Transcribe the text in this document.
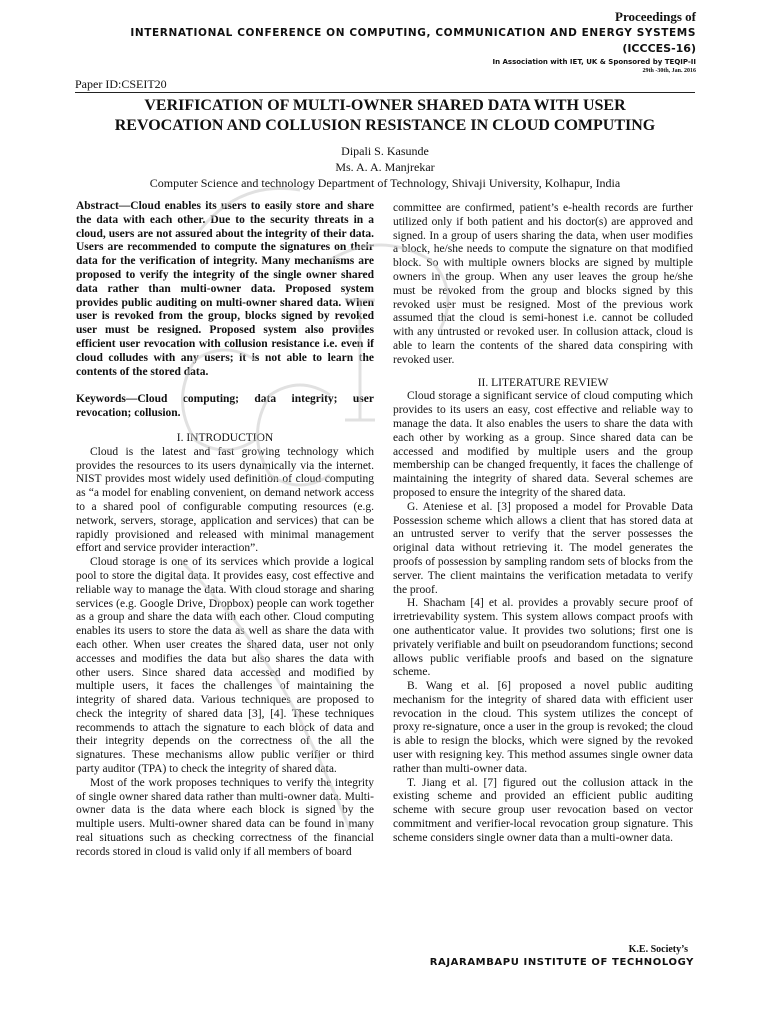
Proceedings of
INTERNATIONAL CONFERENCE ON COMPUTING, COMMUNICATION AND ENERGY SYSTEMS
(ICCCES-16)
In Association with IET, UK & Sponsored by TEQIP-II
29th -30th, Jan. 2016
Paper ID:CSEIT20
VERIFICATION OF MULTI-OWNER SHARED DATA WITH USER
REVOCATION AND COLLUSION RESISTANCE IN CLOUD COMPUTING
Dipali S. Kasunde
Ms. A. A. Manjrekar
Computer Science and technology Department of Technology, Shivaji University, Kolhapur, India

Abstract—Cloud enables its users to easily store and share the data with each other. Due to the security threats in a cloud, users are not assured about the integrity of their data. Users are recommended to compute the signatures on their data for the verification of integrity. Many mechanisms are proposed to verify the integrity of the single owner shared data rather than multi-owner data. Proposed system provides public auditing on multi-owner shared data. When user is revoked from the group, blocks signed by revoked user must be resigned. Proposed system also provides efficient user revocation with collusion resistance i.e. even if cloud colludes with any users; it is not able to learn the contents of the stored data.

Keywords—Cloud computing; data integrity; user revocation; collusion.

I. INTRODUCTION

Cloud is the latest and fast growing technology which provides the resources to its users dynamically via the internet. NIST provides most widely used definition of cloud computing as “a model for enabling convenient, on demand network access to a shared pool of configurable computing resources (e.g. network, servers, storage, application and services) that can be rapidly provisioned and released with minimal management effort and service provider interaction”.

Cloud storage is one of its services which provide a logical pool to store the digital data. It provides easy, cost effective and reliable way to manage the data. With cloud storage and sharing services (e.g. Google Drive, Dropbox) people can work together as a group and share the data with each other. Cloud computing enables its users to store the data as well as share the data with each other. When user creates the shared data, user not only accesses and modifies the data but also shares the data with other users. Since shared data accessed and modified by multiple users, it faces the challenges of maintaining the integrity of shared data. Various techniques are proposed to check the integrity of shared data [3], [4]. These techniques recommends to attach the signature to each block of data and their integrity depends on the correctness of the all the signatures. These mechanisms allow public verifier or third party auditor (TPA) to check the integrity of shared data.

Most of the work proposes techniques to verify the integrity of single owner shared data rather than multi-owner data. Multi-owner data is the data where each block is signed by the multiple users. Multi-owner shared data can be found in many real situations such as checking correctness of the financial records stored in cloud is valid only if all members of board

committee are confirmed, patient’s e-health records are further utilized only if both patient and his doctor(s) are approved and signed. In a group of users sharing the data, when user modifies a block, he/she needs to compute the signature on that modified block. So with multiple owners blocks are signed by multiple owners in the group. When any user leaves the group he/she must be revoked from the group and blocks signed by this revoked user must be resigned. Most of the previous work assumed that the cloud is semi-honest i.e. cannot be colluded with any untrusted or revoked user. In collusion attack, cloud is able to learn the contents of the shared data conspiring with revoked user.

II. LITERATURE REVIEW

Cloud storage a significant service of cloud computing which provides to its users an easy, cost effective and reliable way to manage the data. It also enables the users to share the data with each other by working as a group. Since shared data can be accessed and modified by multiple users and the group membership can be changed frequently, it faces the challenge of maintaining the integrity of shared data. Several schemes are proposed to ensure the integrity of the shared data.

G. Ateniese et al. [3] proposed a model for Provable Data Possession scheme which allows a client that has stored data at an untrusted server to verify that the server possesses the original data without retrieving it. The model generates the proofs of possession by sampling random sets of blocks from the server. The client maintains the verification metadata to verify the proof.

H. Shacham [4] et al. provides a provably secure proof of irretrievability system. This system allows compact proofs with one authenticator value. It provides two solutions; first one is privately verifiable and built on pseudorandom functions; second allows public verifiable proofs and based on the signature scheme.

B. Wang et al. [6] proposed a novel public auditing mechanism for the integrity of shared data with efficient user revocation in the cloud. This system utilizes the concept of proxy re-signature, once a user in the group is revoked; the cloud is able to resign the blocks, which were signed by the revoked user with resigning key. This method assumes single owner data rather than multi-owner data.

T. Jiang et al. [7] figured out the collusion attack in the existing scheme and provided an efficient public auditing scheme with secure group user revocation based on vector commitment and verifier-local revocation group signature. This scheme considers single owner data than a multi-owner data.

K.E. Society’s
RAJARAMBAPU INSTITUTE OF TECHNOLOGY
